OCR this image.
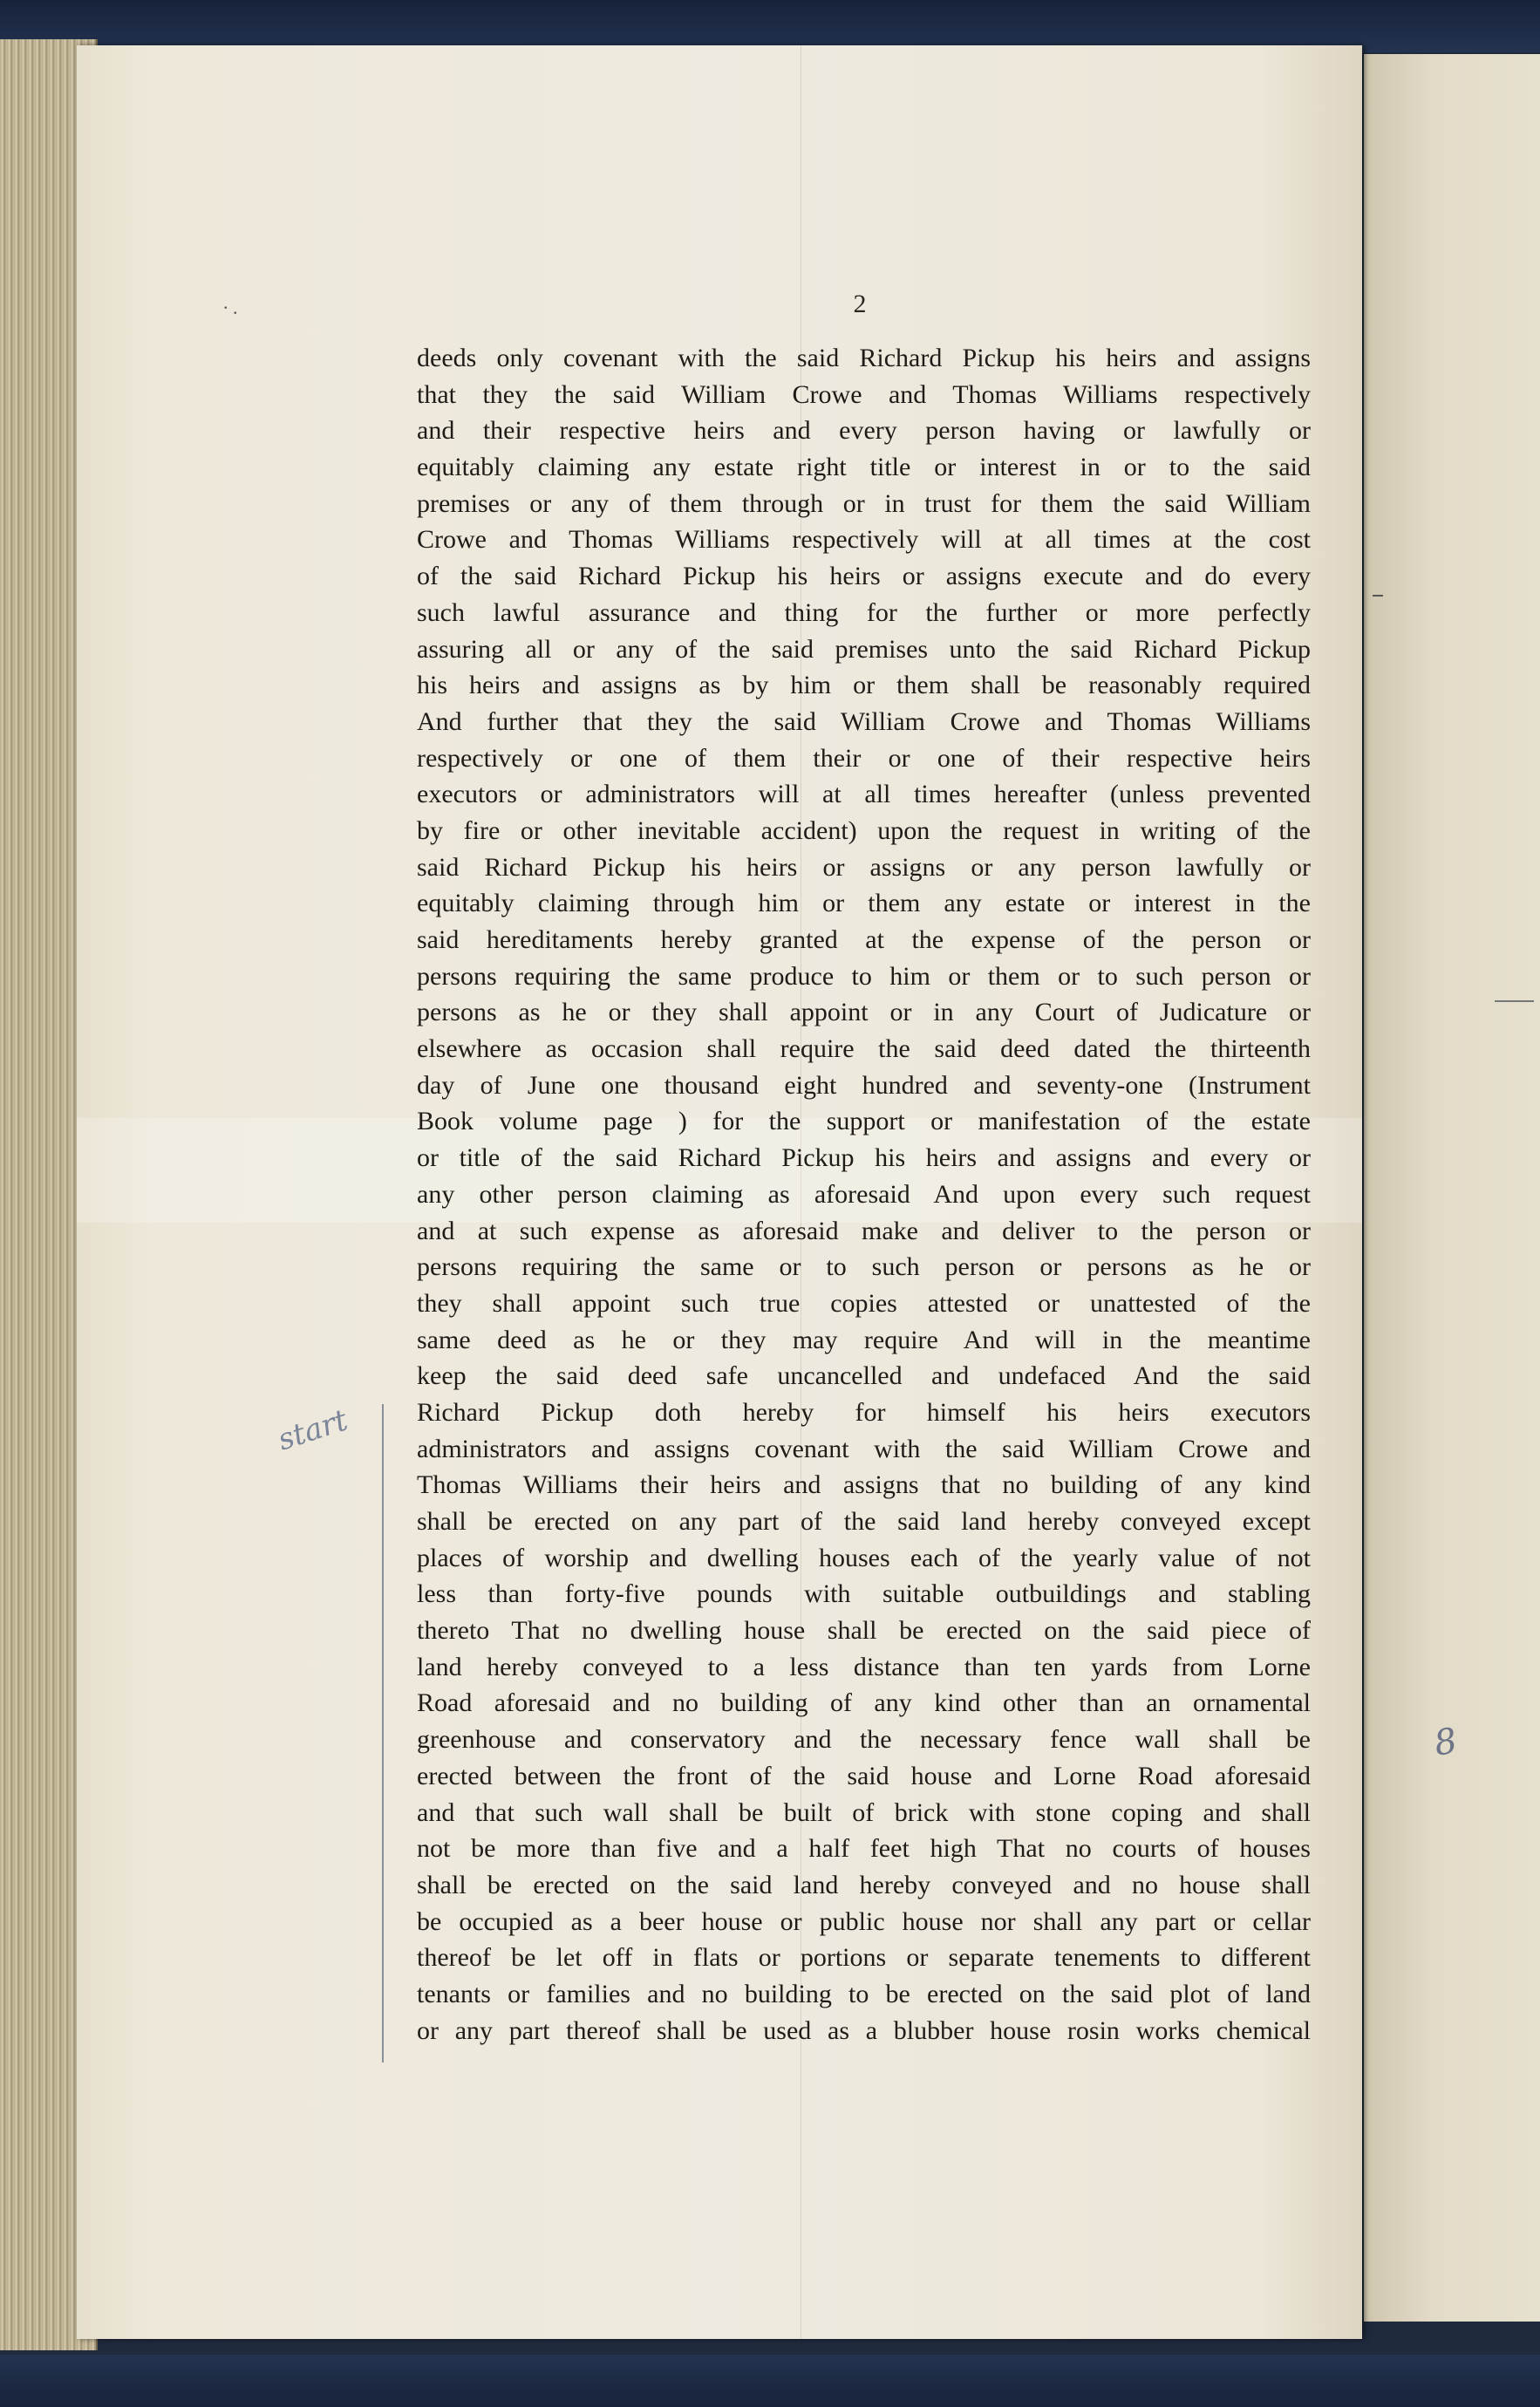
∙ .	2
deeds only covenant with the said Richard Pickup his heirs and assigns
that they the said William Crowe and Thomas Williams respectively
and their respective heirs and every person having or lawfully or
equitably claiming any estate right title or interest in or to the said
premises or any of them through or in trust for them the said William
Crowe and Thomas Williams respectively will at all times at the cost
of the said Richard Pickup his heirs or assigns execute and do every
such lawful assurance and thing for the further or more perfectly
assuring all or any of the said premises unto the said Richard Pickup
his heirs and assigns as by him or them shall be reasonably required
And further that they the said William Crowe and Thomas Williams
respectively or one of them their or one of their respective heirs
executors or administrators will at all times hereafter (unless prevented
by fire or other inevitable accident) upon the request in writing of the
said Richard Pickup his heirs or assigns or any person lawfully or
equitably claiming through him or them any estate or interest in the
said hereditaments hereby granted at the expense of the person or
persons requiring the same produce to him or them or to such person or
persons as he or they shall appoint or in any Court of Judicature or
elsewhere as occasion shall require the said deed dated the thirteenth
day of June one thousand eight hundred and seventy-one (Instrument
Book volume page ) for the support or manifestation of the estate
or title of the said Richard Pickup his heirs and assigns and every or
any other person claiming as aforesaid And upon every such request
and at such expense as aforesaid make and deliver to the person or
persons requiring the same or to such person or persons as he or
they shall appoint such true copies attested or unattested of the
same deed as he or they may require And will in the meantime
keep the said deed safe uncancelled and undefaced And the said
Richard Pickup doth hereby for himself his heirs executors
administrators and assigns covenant with the said William Crowe and
Thomas Williams their heirs and assigns that no building of any kind
shall be erected on any part of the said land hereby conveyed except
places of worship and dwelling houses each of the yearly value of not
less than forty-five pounds with suitable outbuildings and stabling
thereto That no dwelling house shall be erected on the said piece of
land hereby conveyed to a less distance than ten yards from Lorne
Road aforesaid and no building of any kind other than an ornamental
greenhouse and conservatory and the necessary fence wall shall be
erected between the front of the said house and Lorne Road aforesaid
and that such wall shall be built of brick with stone coping and shall
not be more than five and a half feet high That no courts of houses
shall be erected on the said land hereby conveyed and no house shall
be occupied as a beer house or public house nor shall any part or cellar
thereof be let off in flats or portions or separate tenements to different
tenants or families and no building to be erected on the said plot of land
or any part thereof shall be used as a blubber house rosin works chemical
start
8
